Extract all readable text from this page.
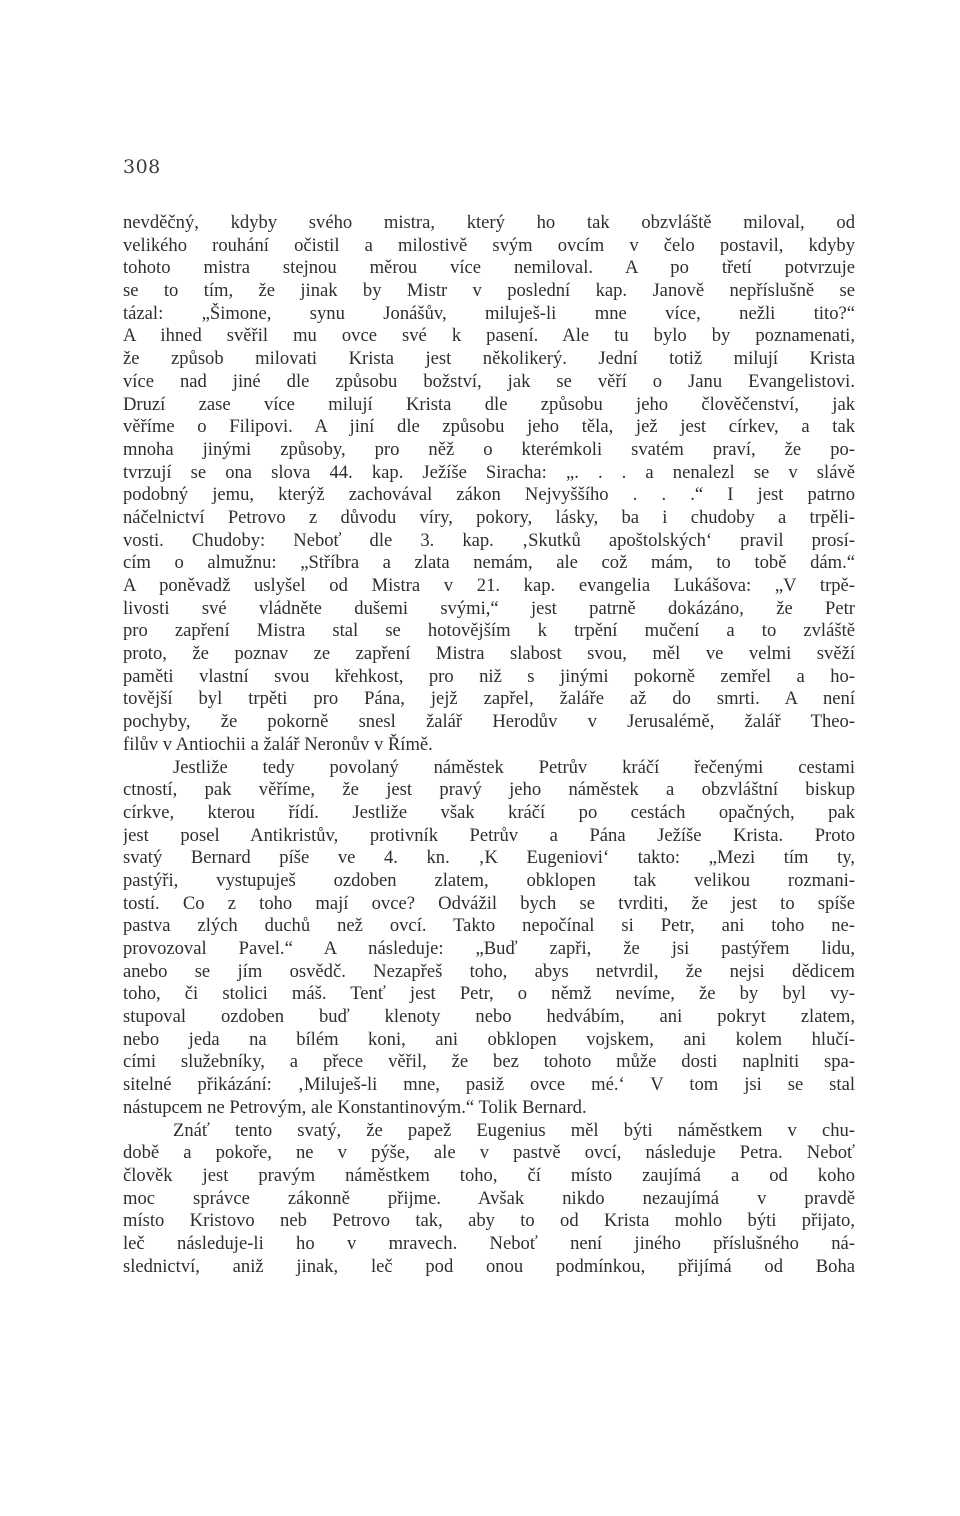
308
nevděčný, kdyby svého mistra, který ho tak obzvláště miloval, od
velikého rouhání očistil a milostivě svým ovcím v čelo postavil, kdyby
tohoto mistra stejnou měrou více nemiloval. A po třetí potvrzuje
se to tím, že jinak by Mistr v poslední kap. Janově nepříslušně se
tázal: „Šimone, synu Jonášův, miluješ-li mne více, nežli tito?“
A ihned svěřil mu ovce své k pasení. Ale tu bylo by poznamenati,
že způsob milovati Krista jest několikerý. Jední totiž milují Krista
více nad jiné dle způsobu božství, jak se věří o Janu Evangelistovi.
Druzí zase více milují Krista dle způsobu jeho člověčenství, jak
věříme o Filipovi. A jiní dle způsobu jeho těla, jež jest církev, a tak
mnoha jinými způsoby, pro něž o kterémkoli svatém praví, že po-
tvrzují se ona slova 44. kap. Ježíše Siracha: „. . . a nenalezl se v slávě
podobný jemu, kterýž zachovával zákon Nejvyššího . . .“ I jest patrno
náčelnictví Petrovo z důvodu víry, pokory, lásky, ba i chudoby a trpěli-
vosti. Chudoby: Neboť dle 3. kap. ‚Skutků apoštolských‘ pravil prosí-
cím o almužnu: „Stříbra a zlata nemám, ale což mám, to tobě dám.“
A poněvadž uslyšel od Mistra v 21. kap. evangelia Lukášova: „V trpě-
livosti své vládněte dušemi svými,“ jest patrně dokázáno, že Petr
pro zapření Mistra stal se hotovějším k trpění mučení a to zvláště
proto, že poznav ze zapření Mistra slabost svou, měl ve velmi svěží
paměti vlastní svou křehkost, pro niž s jinými pokorně zemřel a ho-
tovější byl trpěti pro Pána, jejž zapřel, žaláře až do smrti. A není
pochyby, že pokorně snesl žalář Herodův v Jerusalémě, žalář Theo-
filův v Antiochii a žalář Neronův v Římě.
Jestliže tedy povolaný náměstek Petrův kráčí řečenými cestami
ctností, pak věříme, že jest pravý jeho náměstek a obzvláštní biskup
církve, kterou řídí. Jestliže však kráčí po cestách opačných, pak
jest posel Antikristův, protivník Petrův a Pána Ježíše Krista. Proto
svatý Bernard píše ve 4. kn. ‚K Eugeniovi‘ takto: „Mezi tím ty,
pastýři, vystupuješ ozdoben zlatem, obklopen tak velikou rozmani-
tostí. Co z toho mají ovce? Odvážil bych se tvrditi, že jest to spíše
pastva zlých duchů než ovcí. Takto nepočínal si Petr, ani toho ne-
provozoval Pavel.“ A následuje: „Buď zapři, že jsi pastýřem lidu,
anebo se jím osvědč. Nezapřeš toho, abys netvrdil, že nejsi dědicem
toho, či stolici máš. Tenť jest Petr, o němž nevíme, že by byl vy-
stupoval ozdoben buď klenoty nebo hedvábím, ani pokryt zlatem,
nebo jeda na bílém koni, ani obklopen vojskem, ani kolem hlučí-
cími služebníky, a přece věřil, že bez tohoto může dosti naplniti spa-
sitelné přikázání: ‚Miluješ-li mne, pasiž ovce mé.‘ V tom jsi se stal
nástupcem ne Petrovým, ale Konstantinovým.“ Tolik Bernard.
Znáť tento svatý, že papež Eugenius měl býti náměstkem v chu-
době a pokoře, ne v pýše, ale v pastvě ovcí, následuje Petra. Neboť
člověk jest pravým náměstkem toho, čí místo zaujímá a od koho
moc správce zákonně přijme. Avšak nikdo nezaujímá v pravdě
místo Kristovo neb Petrovo tak, aby to od Krista mohlo býti přijato,
leč následuje-li ho v mravech. Neboť není jiného příslušného ná-
slednictví, aniž jinak, leč pod onou podmínkou, přijímá od Boha
